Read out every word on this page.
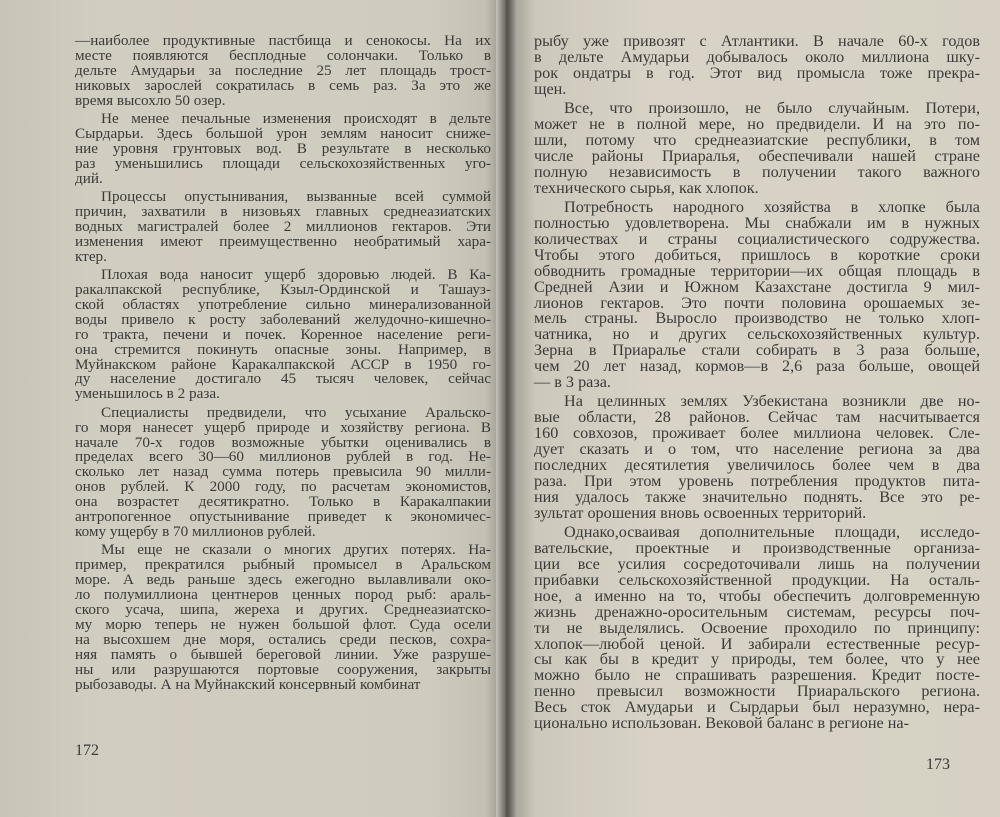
—наиболее продуктивные пастбища и сенокосы. На их
месте появляются бесплодные солончаки. Только в
дельте Амударьи за последние 25 лет площадь трост-
никовых зарослей сократилась в семь раз. За это же
время высохло 50 озер.
Не менее печальные изменения происходят в дельте
Сырдарьи. Здесь большой урон землям наносит сниже-
ние уровня грунтовых вод. В результате в несколько
раз уменьшились площади сельскохозяйственных уго-
дий.
Процессы опустынивания, вызванные всей суммой
причин, захватили в низовьях главных среднеазиатских
водных магистралей более 2 миллионов гектаров. Эти
изменения имеют преимущественно необратимый хара-
ктер.
Плохая вода наносит ущерб здоровью людей. В Ка-
ракалпакской республике, Кзыл-Ординской и Ташауз-
ской областях употребление сильно минерализованной
воды привело к росту заболеваний желудочно-кишечно-
го тракта, печени и почек. Коренное население реги-
она стремится покинуть опасные зоны. Например, в
Муйнакском районе Каракалпакской АССР в 1950 го-
ду население достигало 45 тысяч человек, сейчас
уменьшилось в 2 раза.
Специалисты предвидели, что усыхание Аральско-
го моря нанесет ущерб природе и хозяйству региона. В
начале 70-х годов возможные убытки оценивались в
пределах всего 30—60 миллионов рублей в год. Не-
сколько лет назад сумма потерь превысила 90 милли-
онов рублей. К 2000 году, по расчетам экономистов,
она возрастет десятикратно. Только в Каракалпакии
антропогенное опустынивание приведет к экономичес-
кому ущербу в 70 миллионов рублей.
Мы еще не сказали о многих других потерях. На-
пример, прекратился рыбный промысел в Аральском
море. А ведь раньше здесь ежегодно вылавливали око-
ло полумиллиона центнеров ценных пород рыб: араль-
ского усача, шипа, жереха и других. Среднеазиатско-
му морю теперь не нужен большой флот. Суда осели
на высохшем дне моря, остались среди песков, сохра-
няя память о бывшей береговой линии. Уже разруше-
ны или разрушаются портовые сооружения, закрыты
рыбозаводы. А на Муйнакский консервный комбинат
рыбу уже привозят с Атлантики. В начале 60-х годов
в дельте Амударьи добывалось около миллиона шку-
рок ондатры в год. Этот вид промысла тоже прекра-
щен.
Все, что произошло, не было случайным. Потери,
может не в полной мере, но предвидели. И на это по-
шли, потому что среднеазиатские республики, в том
числе районы Приаралья, обеспечивали нашей стране
полную независимость в получении такого важного
технического сырья, как хлопок.
Потребность народного хозяйства в хлопке была
полностью удовлетворена. Мы снабжали им в нужных
количествах и страны социалистического содружества.
Чтобы этого добиться, пришлось в короткие сроки
обводнить громадные территории—их общая площадь в
Средней Азии и Южном Казахстане достигла 9 мил-
лионов гектаров. Это почти половина орошаемых зе-
мель страны. Выросло производство не только хлоп-
чатника, но и других сельскохозяйственных культур.
Зерна в Приаралье стали собирать в 3 раза больше,
чем 20 лет назад, кормов—в 2,6 раза больше, овощей
— в 3 раза.
На целинных землях Узбекистана возникли две но-
вые области, 28 районов. Сейчас там насчитывается
160 совхозов, проживает более миллиона человек. Сле-
дует сказать и о том, что население региона за два
последних десятилетия увеличилось более чем в два
раза. При этом уровень потребления продуктов пита-
ния удалось также значительно поднять. Все это ре-
зультат орошения вновь освоенных территорий.
Однако,осваивая дополнительные площади, исследо-
вательские, проектные и производственные организа-
ции все усилия сосредоточивали лишь на получении
прибавки сельскохозяйственной продукции. На осталь-
ное, а именно на то, чтобы обеспечить долговременную
жизнь дренажно-оросительным системам, ресурсы поч-
ти не выделялись. Освоение проходило по принципу:
хлопок—любой ценой. И забирали естественные ресур-
сы как бы в кредит у природы, тем более, что у нее
можно было не спрашивать разрешения. Кредит посте-
пенно превысил возможности Приаральского региона.
Весь сток Амударьи и Сырдарьи был неразумно, нера-
ционально использован. Вековой баланс в регионе на-
172
173
